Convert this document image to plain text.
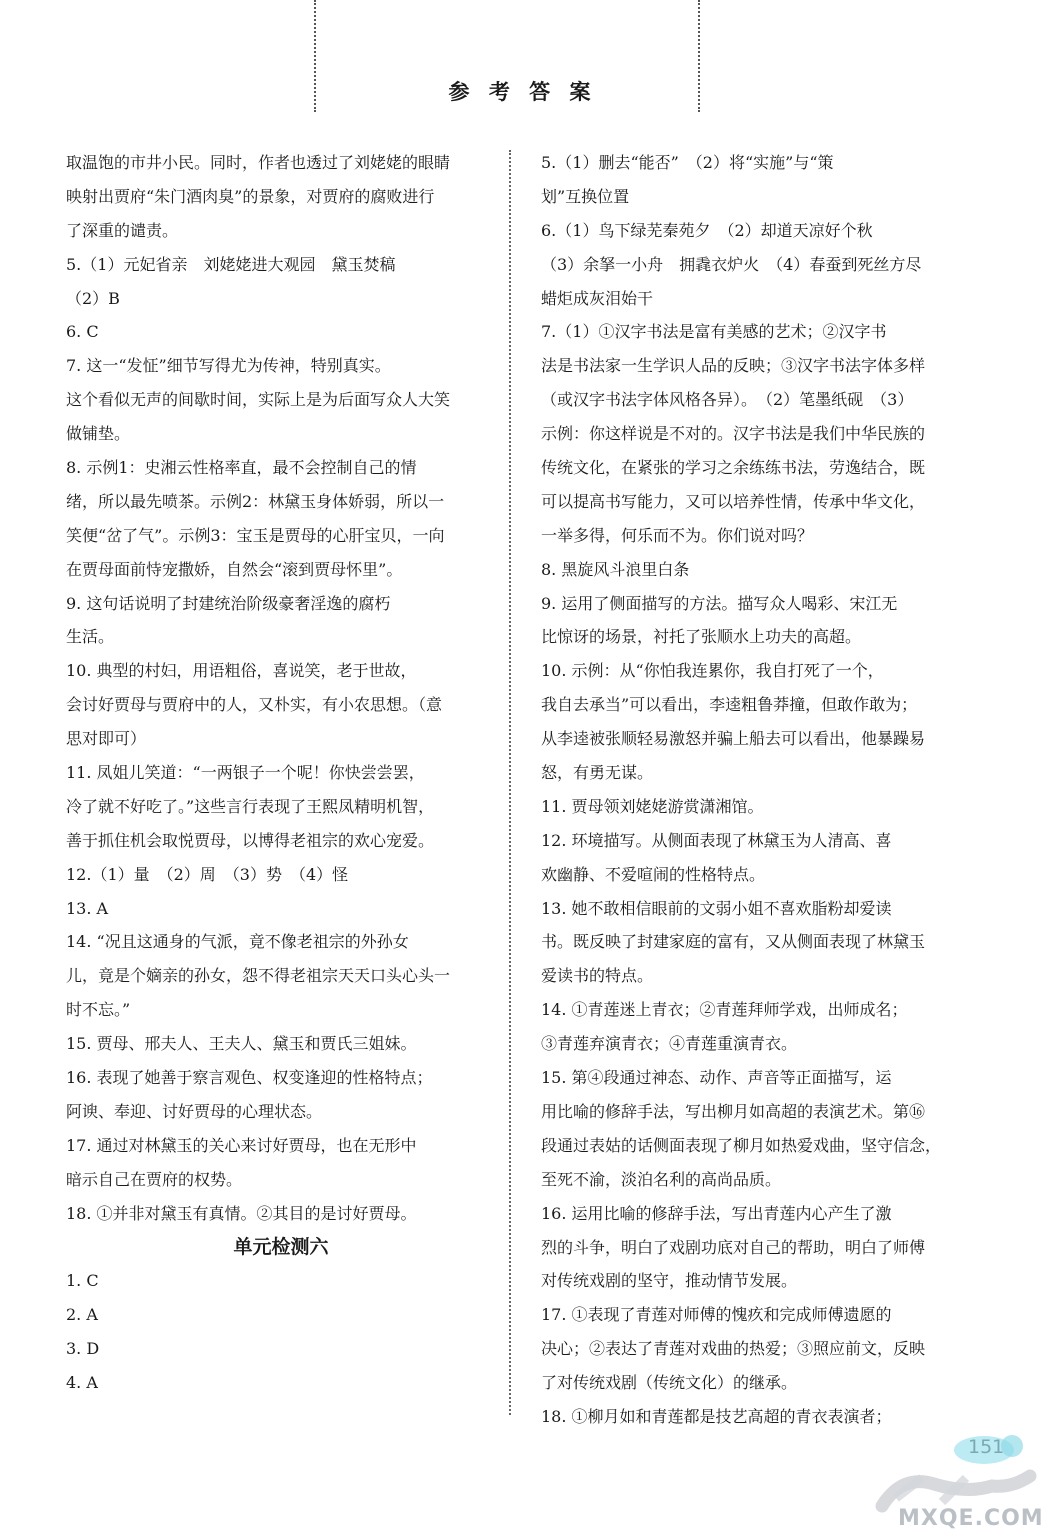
参 考 答 案
取温饱的市井小民。同时，作者也透过了刘姥姥的眼睛
映射出贾府“朱门酒肉臭”的景象，对贾府的腐败进行
了深重的谴责。
5.（1）元妃省亲　刘姥姥进大观园　黛玉焚稿
（2）B
6. C
7. 这一“发怔”细节写得尤为传神，特别真实。
这个看似无声的间歇时间，实际上是为后面写众人大笑
做铺垫。
8. 示例1：史湘云性格率直，最不会控制自己的情
绪，所以最先喷茶。示例2：林黛玉身体娇弱，所以一
笑便“岔了气”。示例3：宝玉是贾母的心肝宝贝，一向
在贾母面前恃宠撒娇，自然会“滚到贾母怀里”。
9. 这句话说明了封建统治阶级豪奢淫逸的腐朽
生活。
10. 典型的村妇，用语粗俗，喜说笑，老于世故，
会讨好贾母与贾府中的人，又朴实，有小农思想。（意
思对即可）
11. 凤姐儿笑道：“一两银子一个呢！你快尝尝罢，
冷了就不好吃了。”这些言行表现了王熙凤精明机智，
善于抓住机会取悦贾母，以博得老祖宗的欢心宠爱。
12.（1）量　（2）周　（3）势　（4）怪
13. A
14. “况且这通身的气派，竟不像老祖宗的外孙女
儿，竟是个嫡亲的孙女，怨不得老祖宗天天口头心头一
时不忘。”
15. 贾母、邢夫人、王夫人、黛玉和贾氏三姐妹。
16. 表现了她善于察言观色、权变逢迎的性格特点；
阿谀、奉迎、讨好贾母的心理状态。
17. 通过对林黛玉的关心来讨好贾母，也在无形中
暗示自己在贾府的权势。
18. ①并非对黛玉有真情。②其目的是讨好贾母。
单元检测六
1. C
2. A
3. D
4. A
5.（1）删去“能否”　（2）将“实施”与“策
划”互换位置
6.（1）鸟下绿芜秦苑夕　（2）却道天凉好个秋
（3）余拏一小舟　拥毳衣炉火　（4）春蚕到死丝方尽
蜡炬成灰泪始干
7.（1）①汉字书法是富有美感的艺术；②汉字书
法是书法家一生学识人品的反映；③汉字书法字体多样
（或汉字书法字体风格各异）。　（2）笔墨纸砚　（3）
示例：你这样说是不对的。汉字书法是我们中华民族的
传统文化，在紧张的学习之余练练书法，劳逸结合，既
可以提高书写能力，又可以培养性情，传承中华文化，
一举多得，何乐而不为。你们说对吗？
8. 黑旋风斗浪里白条
9. 运用了侧面描写的方法。描写众人喝彩、宋江无
比惊讶的场景，衬托了张顺水上功夫的高超。
10. 示例：从“你怕我连累你，我自打死了一个，
我自去承当”可以看出，李逵粗鲁莽撞，但敢作敢为；
从李逵被张顺轻易激怒并骗上船去可以看出，他暴躁易
怒，有勇无谋。
11. 贾母领刘姥姥游赏潇湘馆。
12. 环境描写。从侧面表现了林黛玉为人清高、喜
欢幽静、不爱喧闹的性格特点。
13. 她不敢相信眼前的文弱小姐不喜欢脂粉却爱读
书。既反映了封建家庭的富有，又从侧面表现了林黛玉
爱读书的特点。
14. ①青莲迷上青衣；②青莲拜师学戏，出师成名；
③青莲弃演青衣；④青莲重演青衣。
15. 第④段通过神态、动作、声音等正面描写，运
用比喻的修辞手法，写出柳月如高超的表演艺术。第⑯
段通过表姑的话侧面表现了柳月如热爱戏曲，坚守信念，
至死不渝，淡泊名利的高尚品质。
16. 运用比喻的修辞手法，写出青莲内心产生了激
烈的斗争，明白了戏剧功底对自己的帮助，明白了师傅
对传统戏剧的坚守，推动情节发展。
17. ①表现了青莲对师傅的愧疚和完成师傅遗愿的
决心；②表达了青莲对戏曲的热爱；③照应前文，反映
了对传统戏剧（传统文化）的继承。
18. ①柳月如和青莲都是技艺高超的青衣表演者；
MXQE.COM
